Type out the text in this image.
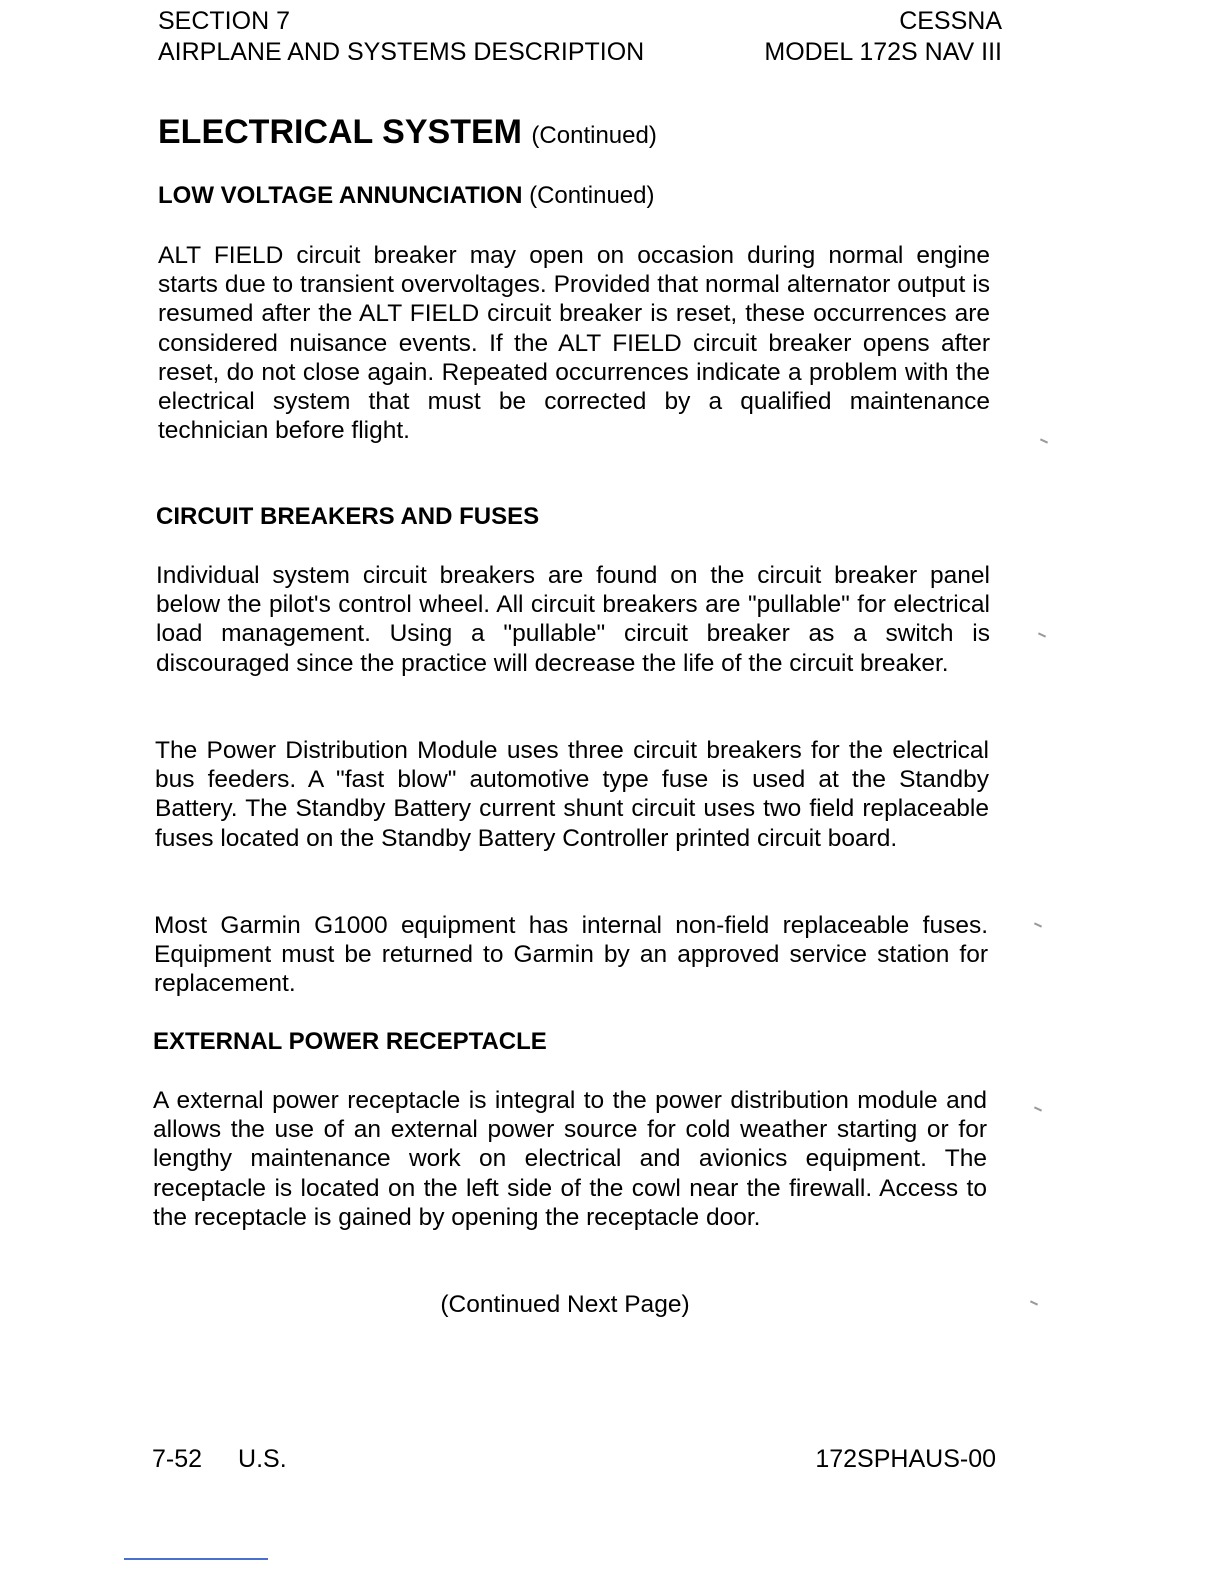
SECTION 7
AIRPLANE AND SYSTEMS DESCRIPTION
CESSNA
MODEL 172S NAV III
ELECTRICAL SYSTEM (Continued)
LOW VOLTAGE ANNUNCIATION (Continued)

ALT FIELD circuit breaker may open on occasion during normal engine starts due to transient overvoltages. Provided that normal alternator output is resumed after the ALT FIELD circuit breaker is reset, these occurrences are considered nuisance events. If the ALT FIELD circuit breaker opens after reset, do not close again. Repeated occurrences indicate a problem with the electrical system that must be corrected by a qualified maintenance technician before flight.

CIRCUIT BREAKERS AND FUSES

Individual system circuit breakers are found on the circuit breaker panel below the pilot's control wheel. All circuit breakers are "pullable" for electrical load management. Using a "pullable" circuit breaker as a switch is discouraged since the practice will decrease the life of the circuit breaker.

The Power Distribution Module uses three circuit breakers for the electrical bus feeders. A "fast blow" automotive type fuse is used at the Standby Battery. The Standby Battery current shunt circuit uses two field replaceable fuses located on the Standby Battery Controller printed circuit board.

Most Garmin G1000 equipment has internal non-field replaceable fuses. Equipment must be returned to Garmin by an approved service station for replacement.

EXTERNAL POWER RECEPTACLE

A external power receptacle is integral to the power distribution module and allows the use of an external power source for cold weather starting or for lengthy maintenance work on electrical and avionics equipment. The receptacle is located on the left side of the cowl near the firewall. Access to the receptacle is gained by opening the receptacle door.

(Continued Next Page)
7-52 U.S.	172SPHAUS-00
